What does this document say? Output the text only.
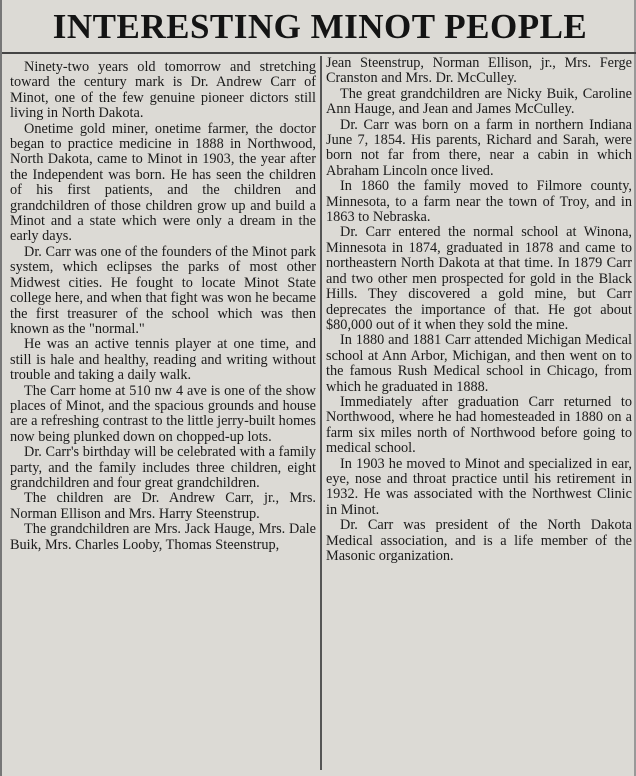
INTERESTING MINOT PEOPLE

Ninety-two years old tomorrow and stretching toward the century mark is Dr. Andrew Carr of Minot, one of the few genuine pioneer dictors still living in North Dakota.

Onetime gold miner, onetime farmer, the doctor began to practice medicine in 1888 in Northwood, North Dakota, came to Minot in 1903, the year after the Independent was born. He has seen the children of his first patients, and the children and grandchildren of those children grow up and build a Minot and a state which were only a dream in the early days.

Dr. Carr was one of the founders of the Minot park system, which eclipses the parks of most other Midwest cities. He fought to locate Minot State college here, and when that fight was won he became the first treasurer of the school which was then known as the "normal."

He was an active tennis player at one time, and still is hale and healthy, reading and writing without trouble and taking a daily walk.

The Carr home at 510 nw 4 ave is one of the show places of Minot, and the spacious grounds and house are a refreshing contrast to the little jerry-built homes now being plunked down on chopped-up lots.

Dr. Carr's birthday will be celebrated with a family party, and the family includes three children, eight grandchildren and four great grandchildren.

The children are Dr. Andrew Carr, jr., Mrs. Norman Ellison and Mrs. Harry Steenstrup.

The grandchildren are Mrs. Jack Hauge, Mrs. Dale Buik, Mrs. Charles Looby, Thomas Steenstrup,

Jean Steenstrup, Norman Ellison, jr., Mrs. Ferge Cranston and Mrs. Dr. McCulley.

The great grandchildren are Nicky Buik, Caroline Ann Hauge, and Jean and James McCulley.

Dr. Carr was born on a farm in northern Indiana June 7, 1854. His parents, Richard and Sarah, were born not far from there, near a cabin in which Abraham Lincoln once lived.

In 1860 the family moved to Filmore county, Minnesota, to a farm near the town of Troy, and in 1863 to Nebraska.

Dr. Carr entered the normal school at Winona, Minnesota in 1874, graduated in 1878 and came to northeastern North Dakota at that time. In 1879 Carr and two other men prospected for gold in the Black Hills. They discovered a gold mine, but Carr deprecates the importance of that. He got about $80,000 out of it when they sold the mine.

In 1880 and 1881 Carr attended Michigan Medical school at Ann Arbor, Michigan, and then went on to the famous Rush Medical school in Chicago, from which he graduated in 1888.

Immediately after graduation Carr returned to Northwood, where he had homesteaded in 1880 on a farm six miles north of Northwood before going to medical school.

In 1903 he moved to Minot and specialized in ear, eye, nose and throat practice until his retirement in 1932. He was associated with the Northwest Clinic in Minot.

Dr. Carr was president of the North Dakota Medical association, and is a life member of the Masonic organization.
